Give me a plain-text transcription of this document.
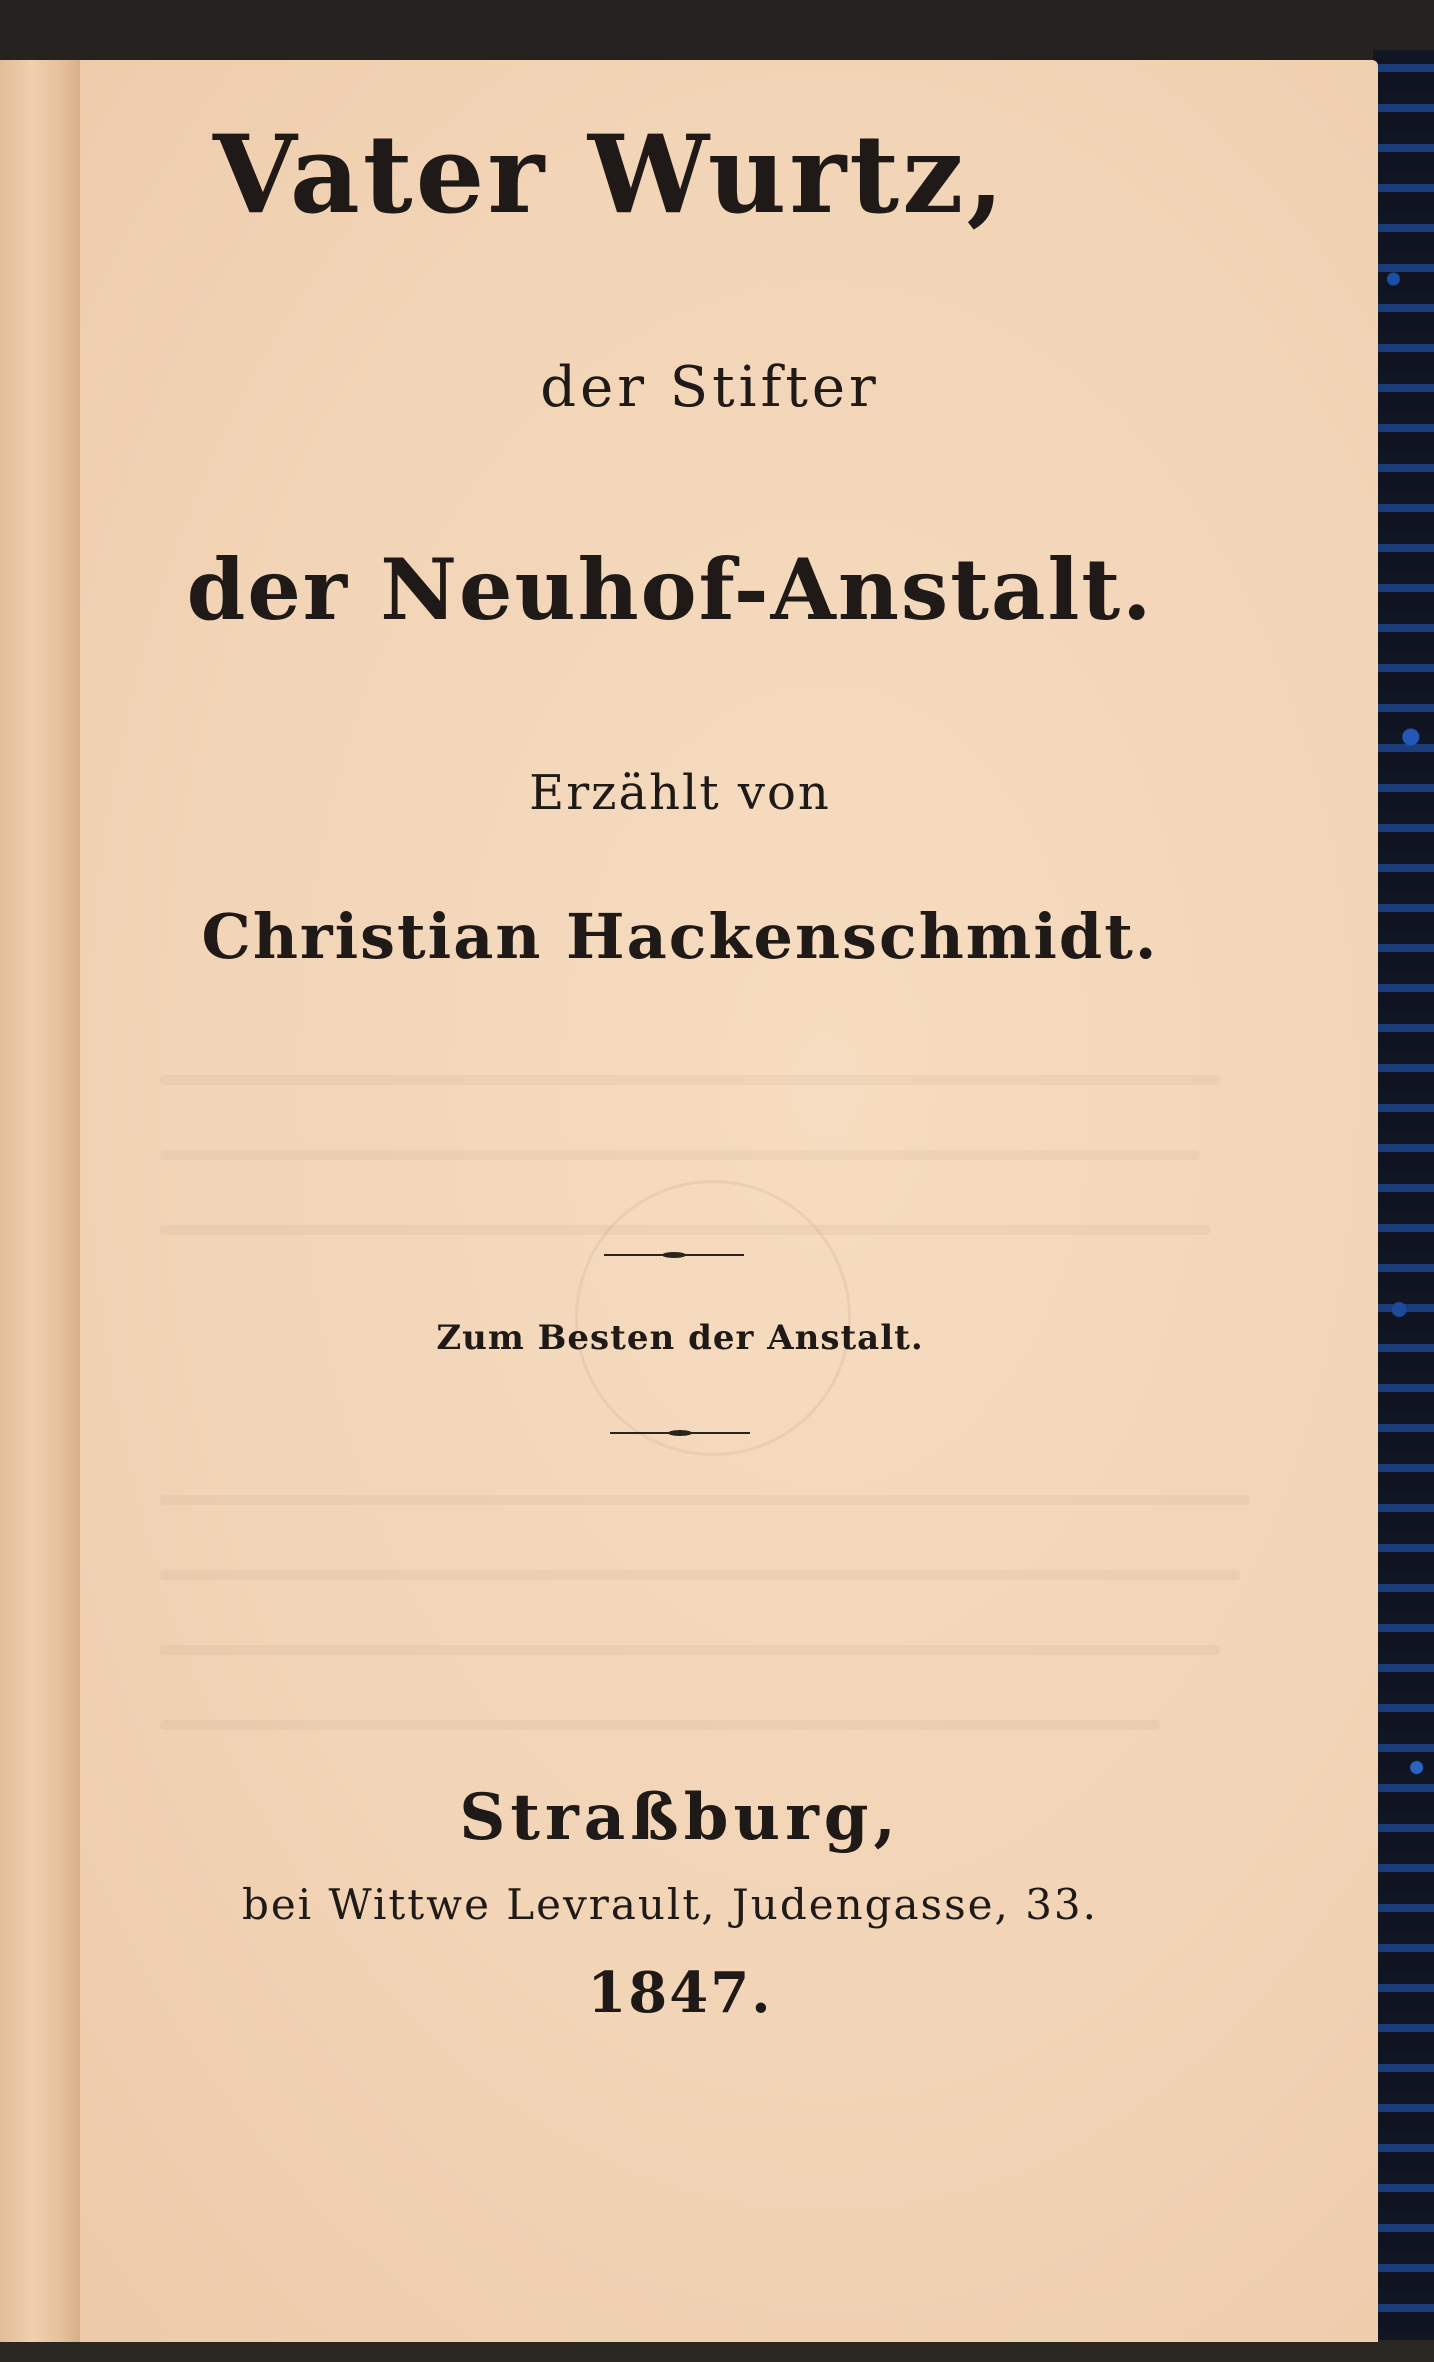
Vater Wurtz,
der Stifter
der Neuhof-Anstalt.
Erzählt von
Christian Hackenschmidt.
Zum Besten der Anstalt.
Straßburg,
bei Wittwe Levrault, Judengasse, 33.
1847.
